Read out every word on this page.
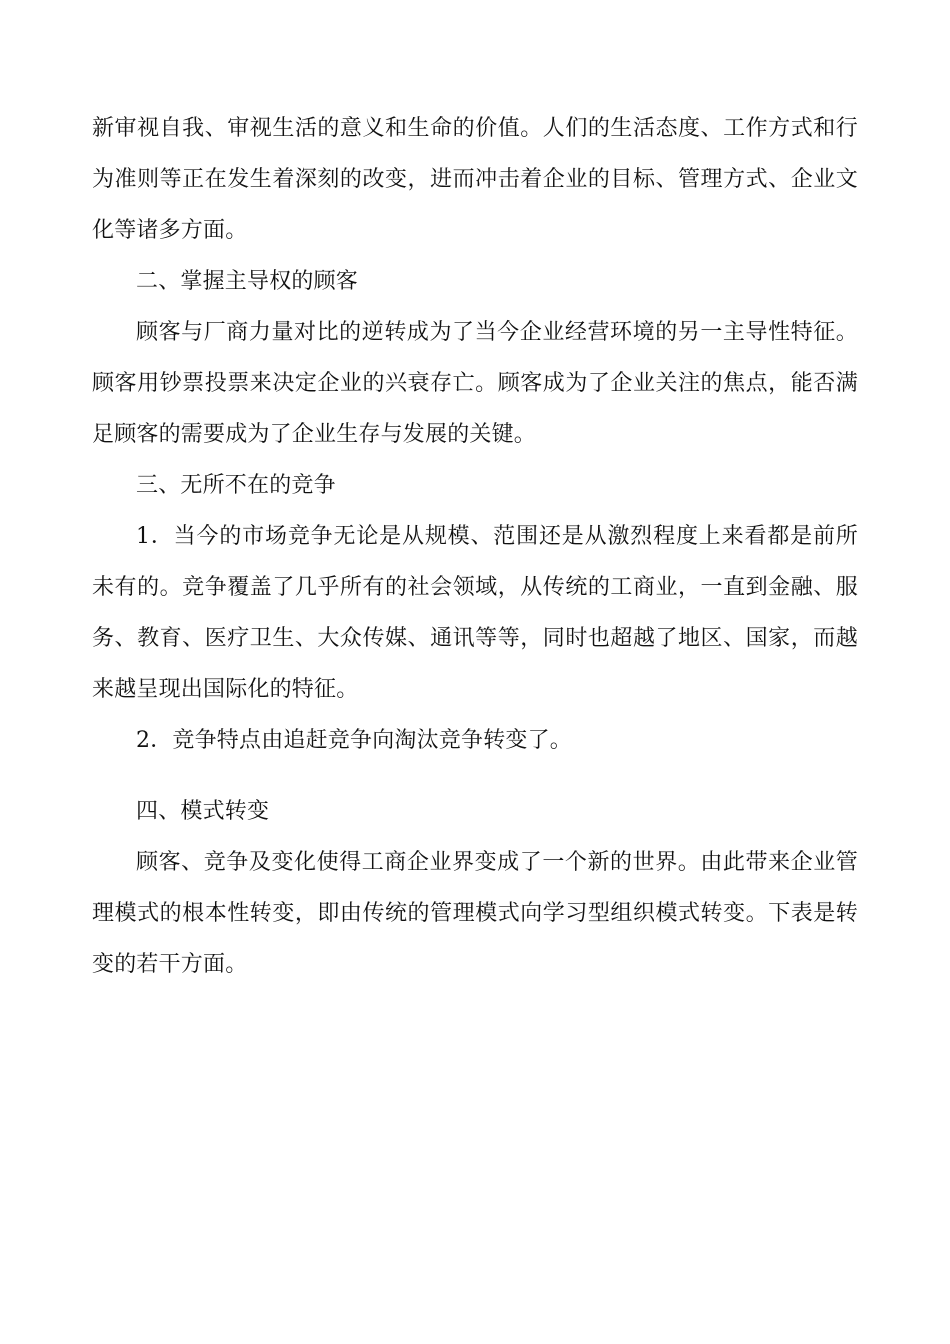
新审视自我、审视生活的意义和生命的价值。人们的生活态度、工作方式和行为准则等正在发生着深刻的改变，进而冲击着企业的目标、管理方式、企业文化等诸多方面。

二、掌握主导权的顾客

顾客与厂商力量对比的逆转成为了当今企业经营环境的另一主导性特征。顾客用钞票投票来决定企业的兴衰存亡。顾客成为了企业关注的焦点，能否满足顾客的需要成为了企业生存与发展的关键。

三、无所不在的竞争

1．当今的市场竞争无论是从规模、范围还是从激烈程度上来看都是前所未有的。竞争覆盖了几乎所有的社会领域，从传统的工商业，一直到金融、服务、教育、医疗卫生、大众传媒、通讯等等，同时也超越了地区、国家，而越来越呈现出国际化的特征。

2．竞争特点由追赶竞争向淘汰竞争转变了。

四、模式转变

顾客、竞争及变化使得工商企业界变成了一个新的世界。由此带来企业管理模式的根本性转变，即由传统的管理模式向学习型组织模式转变。下表是转变的若干方面。
